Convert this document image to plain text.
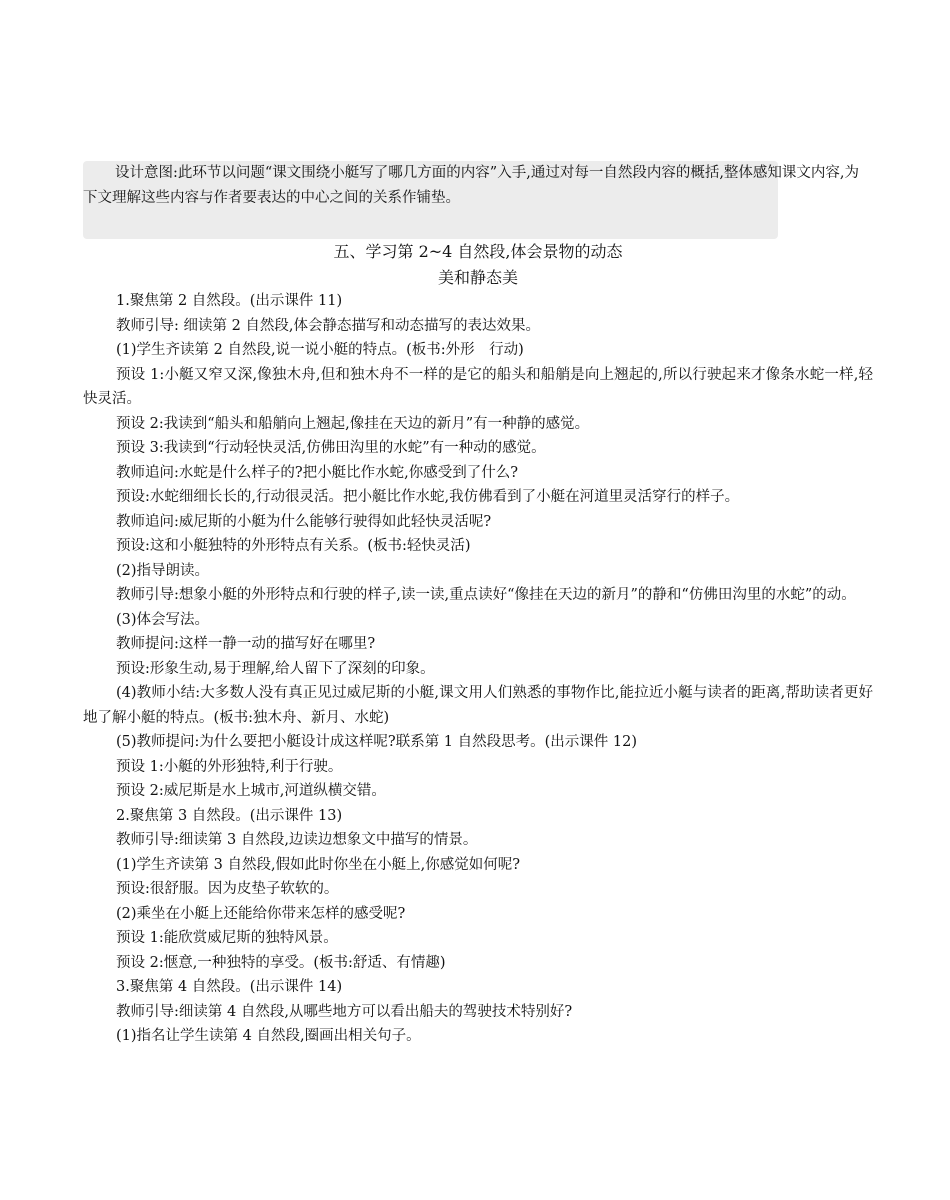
设计意图:此环节以问题“课文围绕小艇写了哪几方面的内容”入手,通过对每一自然段内容的概括,整体感知课文内容,为下文理解这些内容与作者要表达的中心之间的关系作铺垫。

五、学习第 2~4 自然段,体会景物的动态
美和静态美

1.聚焦第 2 自然段。(出示课件 11)

教师引导: 细读第 2 自然段,体会静态描写和动态描写的表达效果。

(1)学生齐读第 2 自然段,说一说小艇的特点。(板书:外形　行动)

预设 1:小艇又窄又深,像独木舟,但和独木舟不一样的是它的船头和船艄是向上翘起的,所以行驶起来才像条水蛇一样,轻快灵活。

预设 2:我读到“船头和船艄向上翘起,像挂在天边的新月”有一种静的感觉。

预设 3:我读到“行动轻快灵活,仿佛田沟里的水蛇”有一种动的感觉。

教师追问:水蛇是什么样子的?把小艇比作水蛇,你感受到了什么?

预设:水蛇细细长长的,行动很灵活。把小艇比作水蛇,我仿佛看到了小艇在河道里灵活穿行的样子。

教师追问:威尼斯的小艇为什么能够行驶得如此轻快灵活呢?

预设:这和小艇独特的外形特点有关系。(板书:轻快灵活)

(2)指导朗读。

教师引导:想象小艇的外形特点和行驶的样子,读一读,重点读好“像挂在天边的新月”的静和“仿佛田沟里的水蛇”的动。

(3)体会写法。

教师提问:这样一静一动的描写好在哪里?

预设:形象生动,易于理解,给人留下了深刻的印象。

(4)教师小结:大多数人没有真正见过威尼斯的小艇,课文用人们熟悉的事物作比,能拉近小艇与读者的距离,帮助读者更好地了解小艇的特点。(板书:独木舟、新月、水蛇)

(5)教师提问:为什么要把小艇设计成这样呢?联系第 1 自然段思考。(出示课件 12)

预设 1:小艇的外形独特,利于行驶。

预设 2:威尼斯是水上城市,河道纵横交错。

2.聚焦第 3 自然段。(出示课件 13)

教师引导:细读第 3 自然段,边读边想象文中描写的情景。

(1)学生齐读第 3 自然段,假如此时你坐在小艇上,你感觉如何呢?

预设:很舒服。因为皮垫子软软的。

(2)乘坐在小艇上还能给你带来怎样的感受呢?

预设 1:能欣赏威尼斯的独特风景。

预设 2:惬意,一种独特的享受。(板书:舒适、有情趣)

3.聚焦第 4 自然段。(出示课件 14)

教师引导:细读第 4 自然段,从哪些地方可以看出船夫的驾驶技术特别好?

(1)指名让学生读第 4 自然段,圈画出相关句子。
